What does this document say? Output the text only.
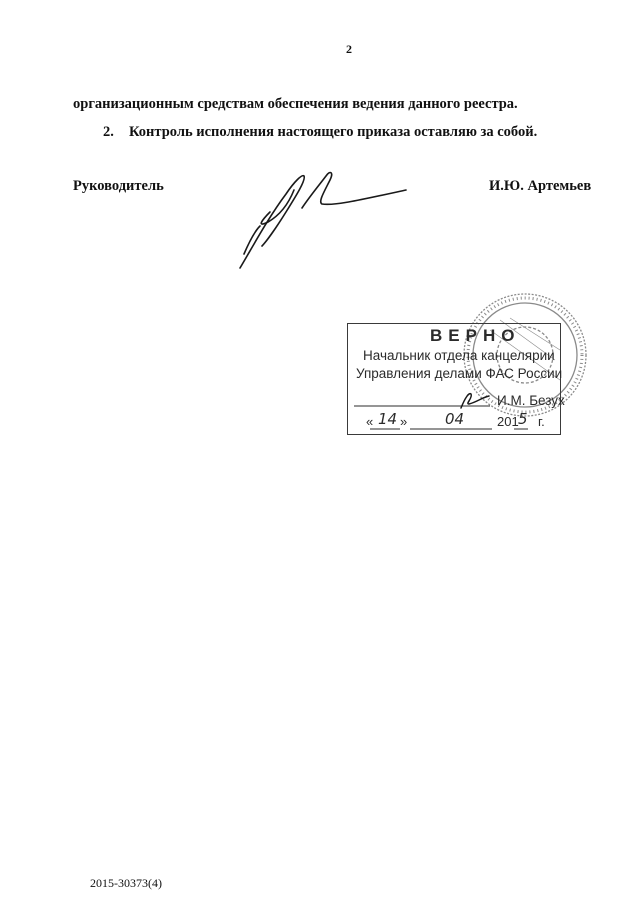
2
организационным средствам обеспечения ведения данного реестра.
2. Контроль исполнения настоящего приказа оставляю за собой.
Руководитель	И.Ю. Артемьев
ВЕРНО
Начальник отдела канцелярии
Управления делами ФАС России
И.М. Безух
« 14 »	04	201 5 г.
2015-30373(4)
